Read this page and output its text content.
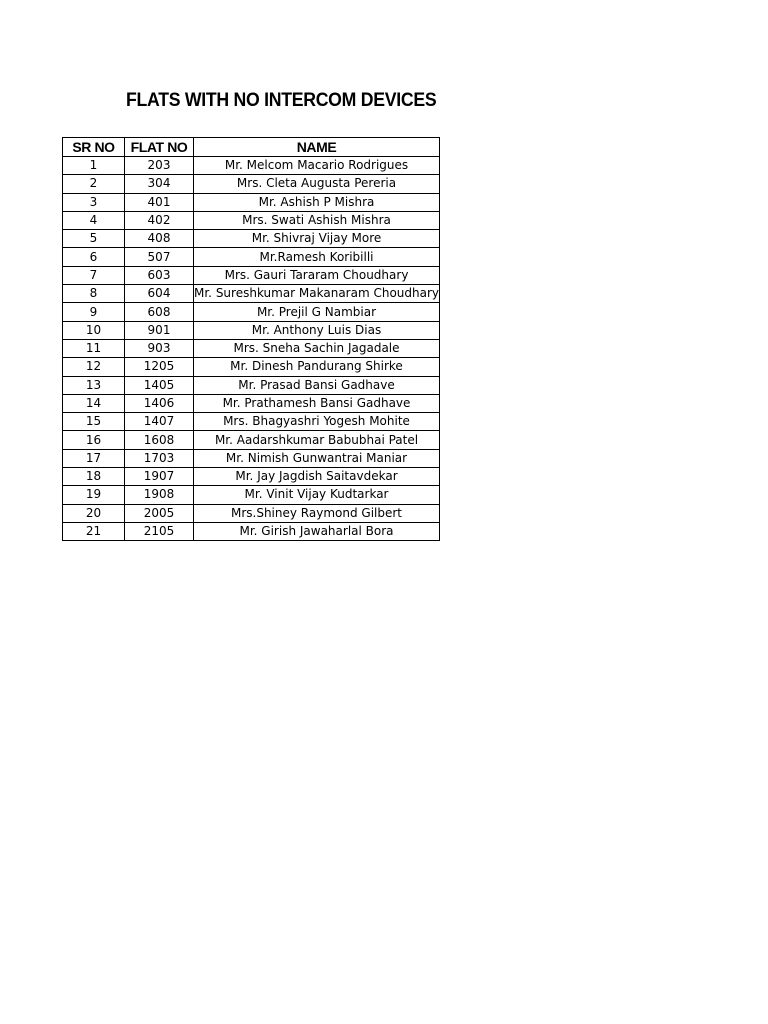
FLATS WITH NO INTERCOM DEVICES
SR NO	FLAT NO	NAME
1	203	Mr. Melcom Macario Rodrigues
2	304	Mrs. Cleta Augusta Pereria
3	401	Mr. Ashish P Mishra
4	402	Mrs. Swati Ashish Mishra
5	408	Mr. Shivraj Vijay More
6	507	Mr.Ramesh Koribilli
7	603	Mrs. Gauri Tararam Choudhary
8	604	Mr. Sureshkumar Makanaram Choudhary
9	608	Mr. Prejil G Nambiar
10	901	Mr. Anthony Luis Dias
11	903	Mrs. Sneha Sachin Jagadale
12	1205	Mr. Dinesh Pandurang Shirke
13	1405	Mr. Prasad Bansi Gadhave
14	1406	Mr. Prathamesh Bansi Gadhave
15	1407	Mrs. Bhagyashri Yogesh Mohite
16	1608	Mr. Aadarshkumar Babubhai Patel
17	1703	Mr. Nimish Gunwantrai Maniar
18	1907	Mr. Jay Jagdish Saitavdekar
19	1908	Mr. Vinit Vijay Kudtarkar
20	2005	Mrs.Shiney Raymond Gilbert
21	2105	Mr. Girish Jawaharlal Bora
